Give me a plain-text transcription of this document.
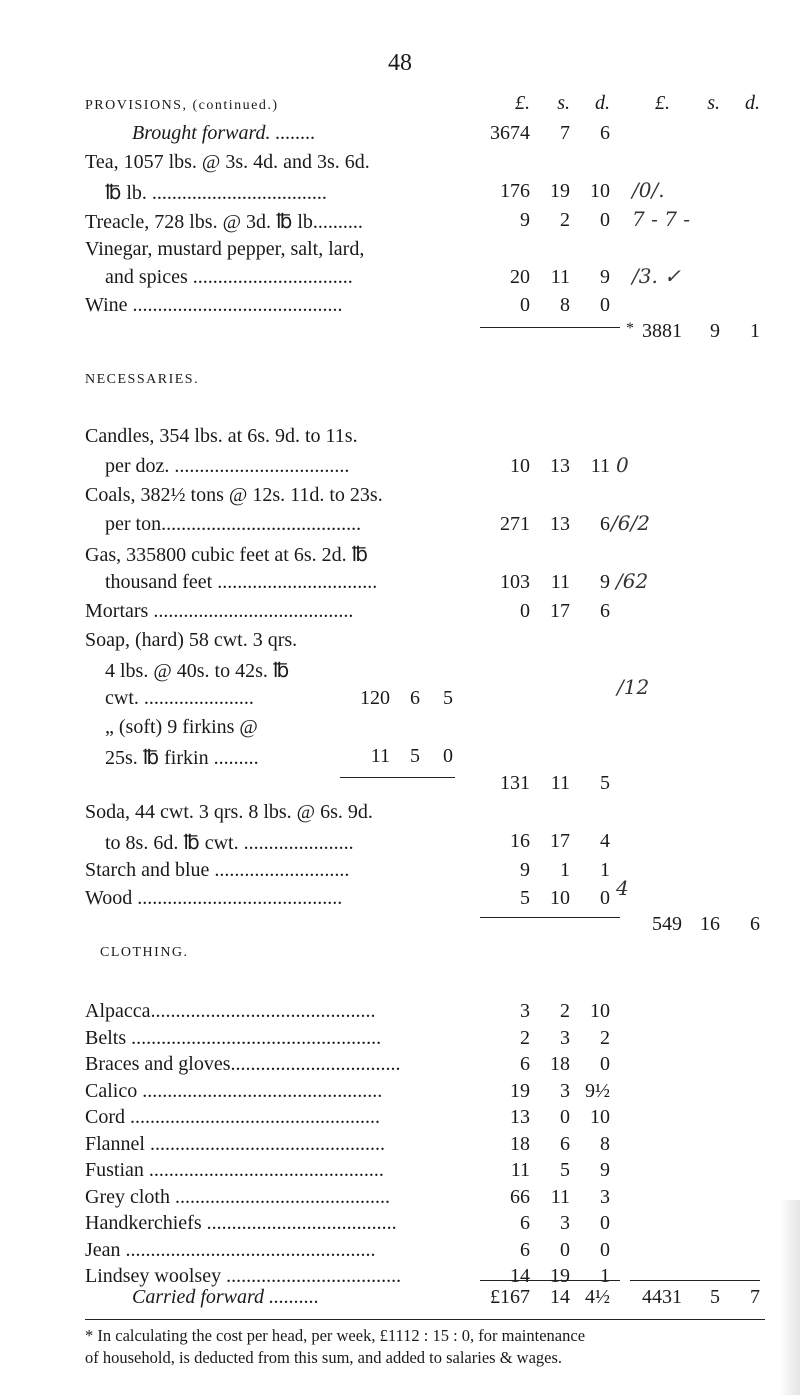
48
PROVISIONS, (continued.)	£.	s.	d.	£.	s.	d.
Brought forward. ........	3674	7	6
Tea, 1057 lbs. @ 3s. 4d. and 3s. 6d.
℔ lb. ...................................	176	19	10 /0/.
Treacle, 728 lbs. @ 3d. ℔ lb..........	9	2	0 7 - 7 -
Vinegar, mustard pepper, salt, lard,
and spices ................................	20	11	9 /3. ✓
Wine ..........................................	0	8	0
* 3881	9	1
NECESSARIES.
Candles, 354 lbs. at 6s. 9d. to 11s.
per doz. ...................................	10	13	11 0
Coals, 382½ tons @ 12s. 11d. to 23s.
per ton........................................	271	13	6 /6/2
Gas, 335800 cubic feet at 6s. 2d. ℔
thousand feet ................................	103	11	9 /62
Mortars ........................................	0	17	6
Soap, (hard) 58 cwt. 3 qrs.
4 lbs. @ 40s. to 42s. ℔
cwt. ......................	120	6	5	/12
„ (soft) 9 firkins @
25s. ℔ firkin .........	11	5	0
131	11	5
Soda, 44 cwt. 3 qrs. 8 lbs. @ 6s. 9d.
to 8s. 6d. ℔ cwt. ......................	16	17	4
Starch and blue ...........................	9	1	1
Wood .........................................	5	10	0 4
549 16	6
CLOTHING.
Alpacca.............................................	3	2	10
Belts ..................................................	2	3	2
Braces and gloves..................................	6	18	0
Calico ................................................	19	3 9½
Cord ..................................................	13	0	10
Flannel ...............................................	18	6	8
Fustian ...............................................	11	5	9
Grey cloth ...........................................	66	11	3
Handkerchiefs ......................................	6	3	0
Jean ..................................................	6	0	0
Lindsey woolsey ...................................	14	19	1
Carried forward ..........	£167	14 4½	4431	5	7
* In calculating the cost per head, per week, £1112 : 15 : 0, for maintenance
of household, is deducted from this sum, and added to salaries & wages.
